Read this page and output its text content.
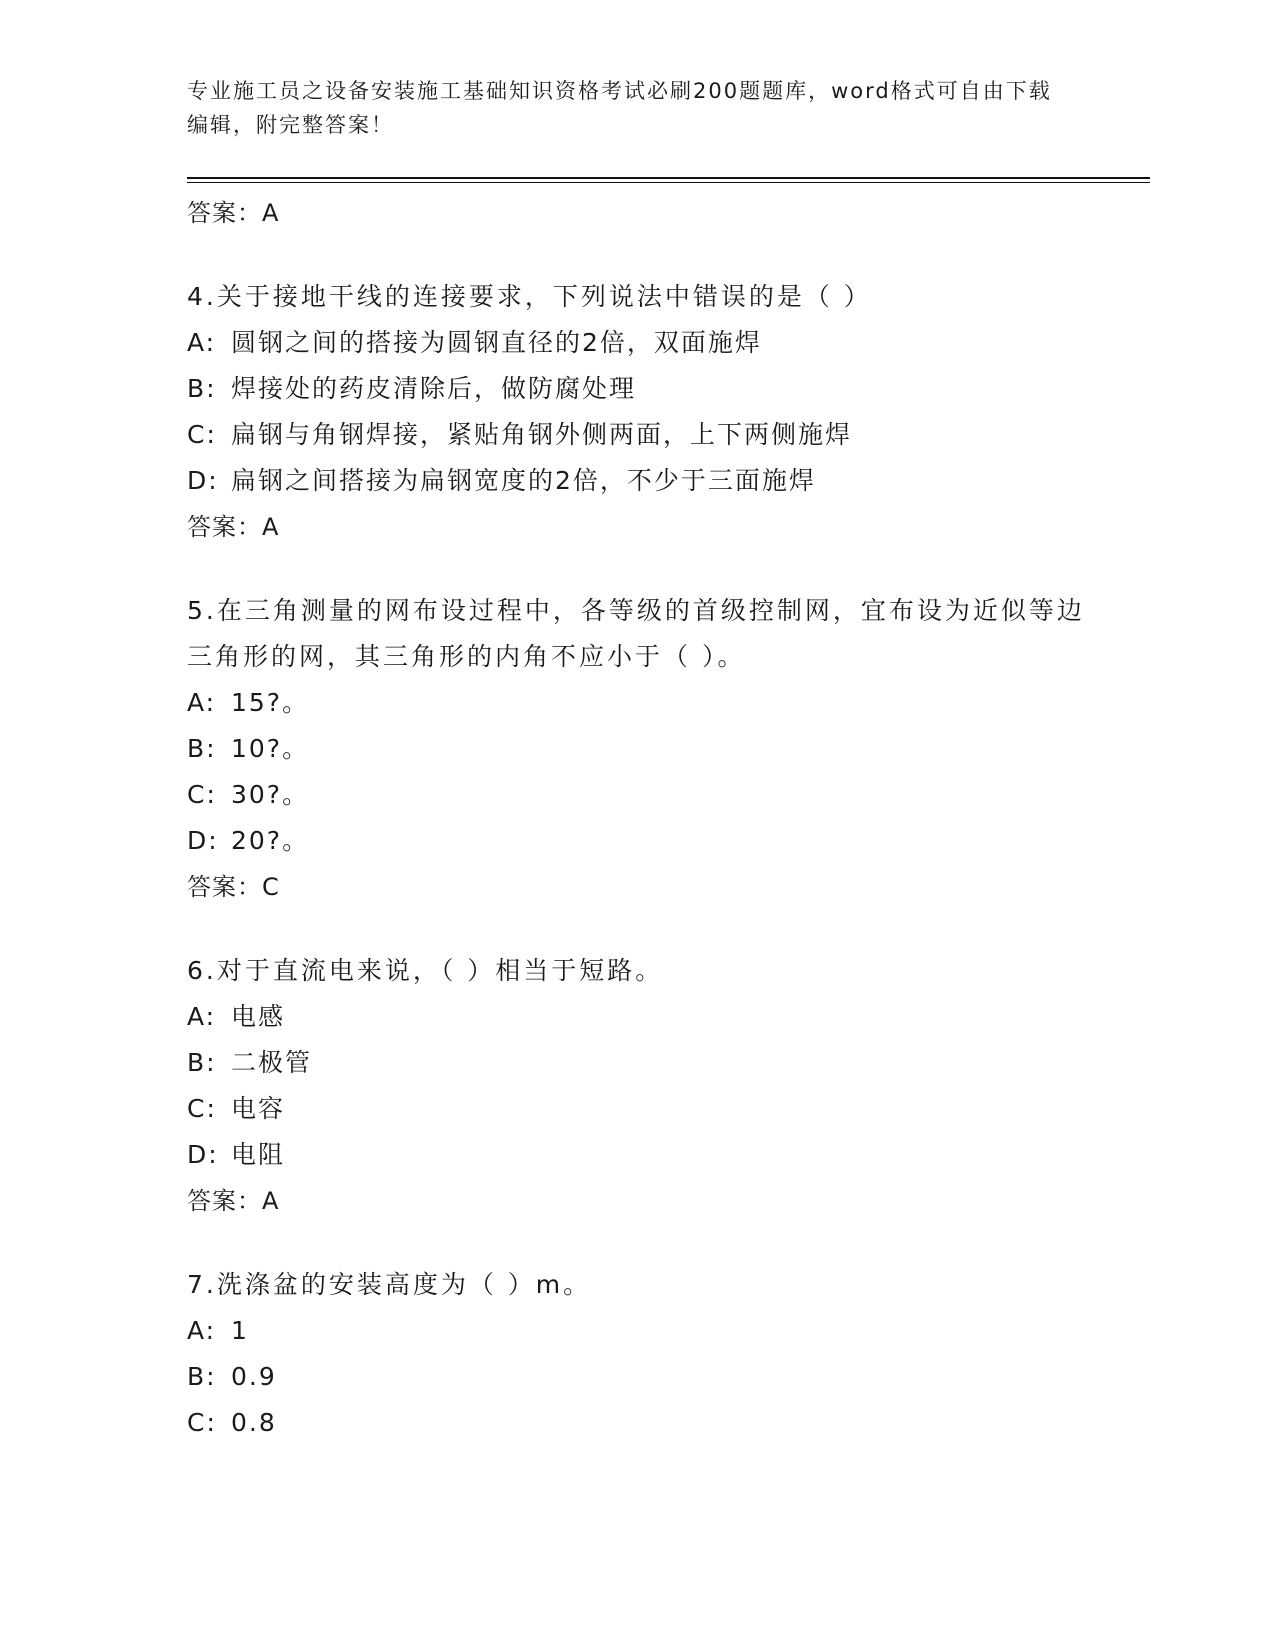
专业施工员之设备安装施工基础知识资格考试必刷200题题库，word格式可自由下载编辑，附完整答案！
答案：A
4.关于接地干线的连接要求，下列说法中错误的是（ ）
A: 圆钢之间的搭接为圆钢直径的2倍，双面施焊
B: 焊接处的药皮清除后，做防腐处理
C: 扁钢与角钢焊接，紧贴角钢外侧两面，上下两侧施焊
D: 扁钢之间搭接为扁钢宽度的2倍，不少于三面施焊
答案：A
5.在三角测量的网布设过程中，各等级的首级控制网，宜布设为近似等边三角形的网，其三角形的内角不应小于（ ）。
A: 15?。
B: 10?。
C: 30?。
D: 20?。
答案：C
6.对于直流电来说，（ ）相当于短路。
A: 电感
B: 二极管
C: 电容
D: 电阻
答案：A
7.洗涤盆的安装高度为（ ）m。
A: 1
B: 0.9
C: 0.8
